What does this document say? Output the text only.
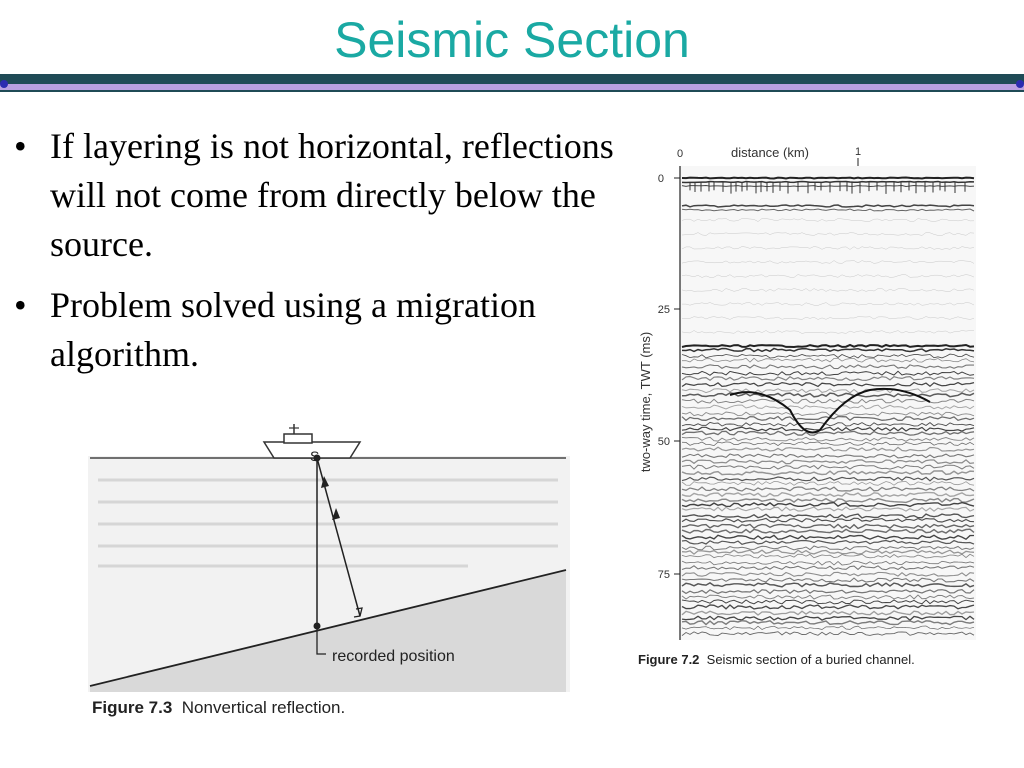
Seismic Section
• If layering is not horizontal, reflections will not come from directly below the source.
• Problem solved using a migration algorithm.
S
recorded position
Figure 7.3 Nonvertical reflection.
0
25
50
75
0	1
distance (km)
two-way time, TWT (ms)
Figure 7.2 Seismic section of a buried channel.
